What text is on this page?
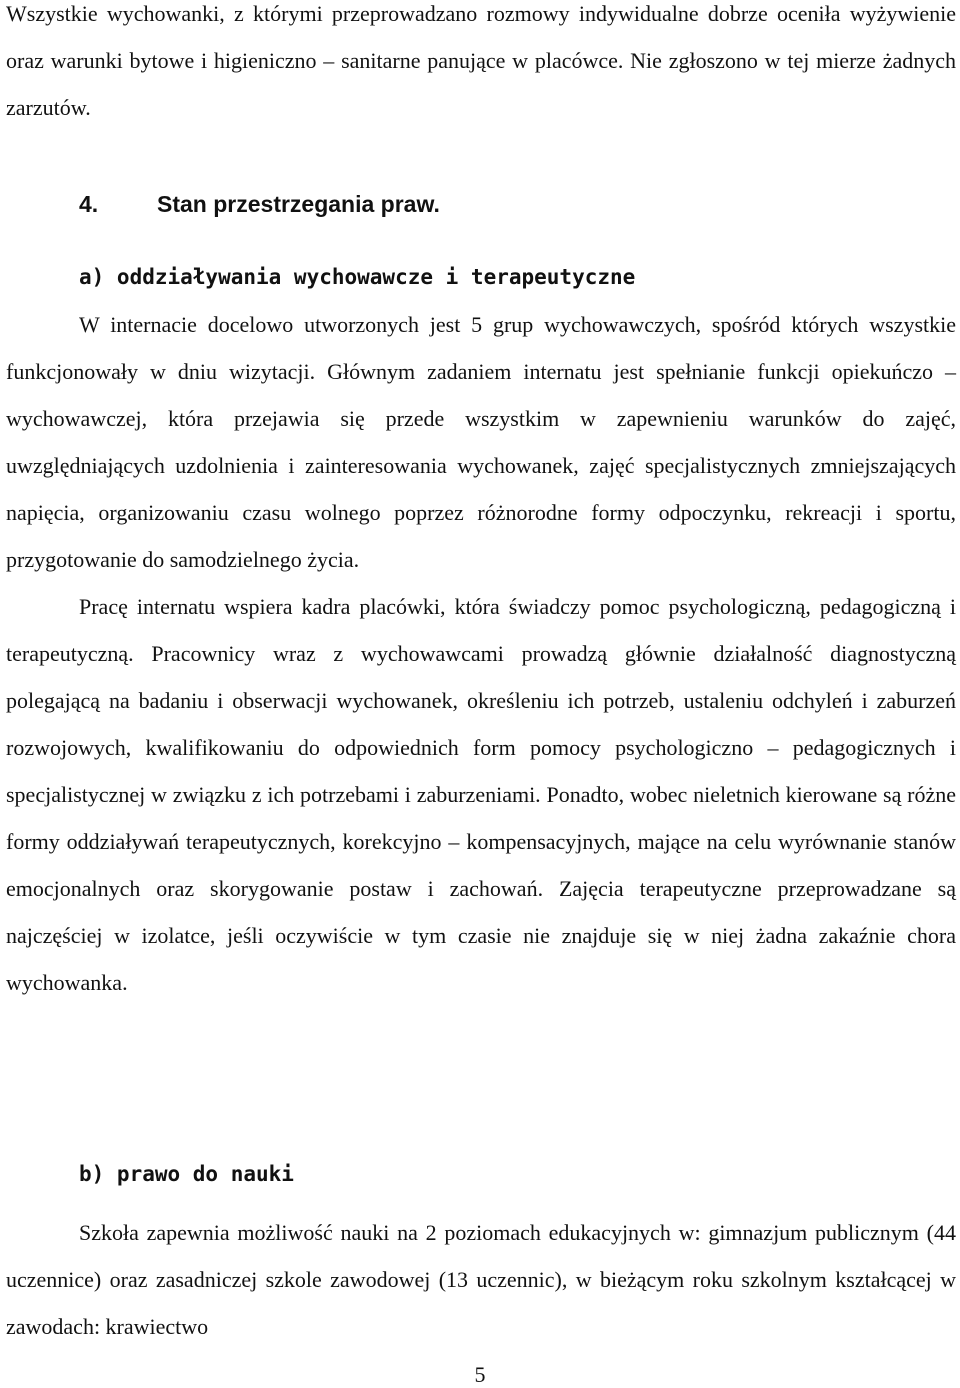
Wszystkie wychowanki, z którymi przeprowadzano rozmowy indywidualne dobrze oceniła wyżywienie oraz warunki bytowe i higieniczno – sanitarne panujące w placówce. Nie zgłoszono w tej mierze żadnych zarzutów.

4.	Stan przestrzegania praw.
a) oddziaływania wychowawcze i terapeutyczne

W internacie docelowo utworzonych jest 5 grup wychowawczych, spośród których wszystkie funkcjonowały w dniu wizytacji. Głównym zadaniem internatu jest spełnianie funkcji opiekuńczo – wychowawczej, która przejawia się przede wszystkim w zapewnieniu warunków do zajęć, uwzględniających uzdolnienia i zainteresowania wychowanek, zajęć specjalistycznych zmniejszających napięcia, organizowaniu czasu wolnego poprzez różnorodne formy odpoczynku, rekreacji i sportu, przygotowanie do samodzielnego życia.

Pracę internatu wspiera kadra placówki, która świadczy pomoc psychologiczną, pedagogiczną i terapeutyczną. Pracownicy wraz z wychowawcami prowadzą głównie działalność diagnostyczną polegającą na badaniu i obserwacji wychowanek, określeniu ich potrzeb, ustaleniu odchyleń i zaburzeń rozwojowych, kwalifikowaniu do odpowiednich form pomocy psychologiczno – pedagogicznych i specjalistycznej w związku z ich potrzebami i zaburzeniami. Ponadto, wobec nieletnich kierowane są różne formy oddziaływań terapeutycznych, korekcyjno – kompensacyjnych, mające na celu wyrównanie stanów emocjonalnych oraz skorygowanie postaw i zachowań. Zajęcia terapeutyczne przeprowadzane są najczęściej w izolatce, jeśli oczywiście w tym czasie nie znajduje się w niej żadna zakaźnie chora wychowanka.

b) prawo do nauki

Szkoła zapewnia możliwość nauki na 2 poziomach edukacyjnych w: gimnazjum publicznym (44 uczennice) oraz zasadniczej szkole zawodowej (13 uczennic), w bieżącym roku szkolnym kształcącej w zawodach: krawiectwo

5
